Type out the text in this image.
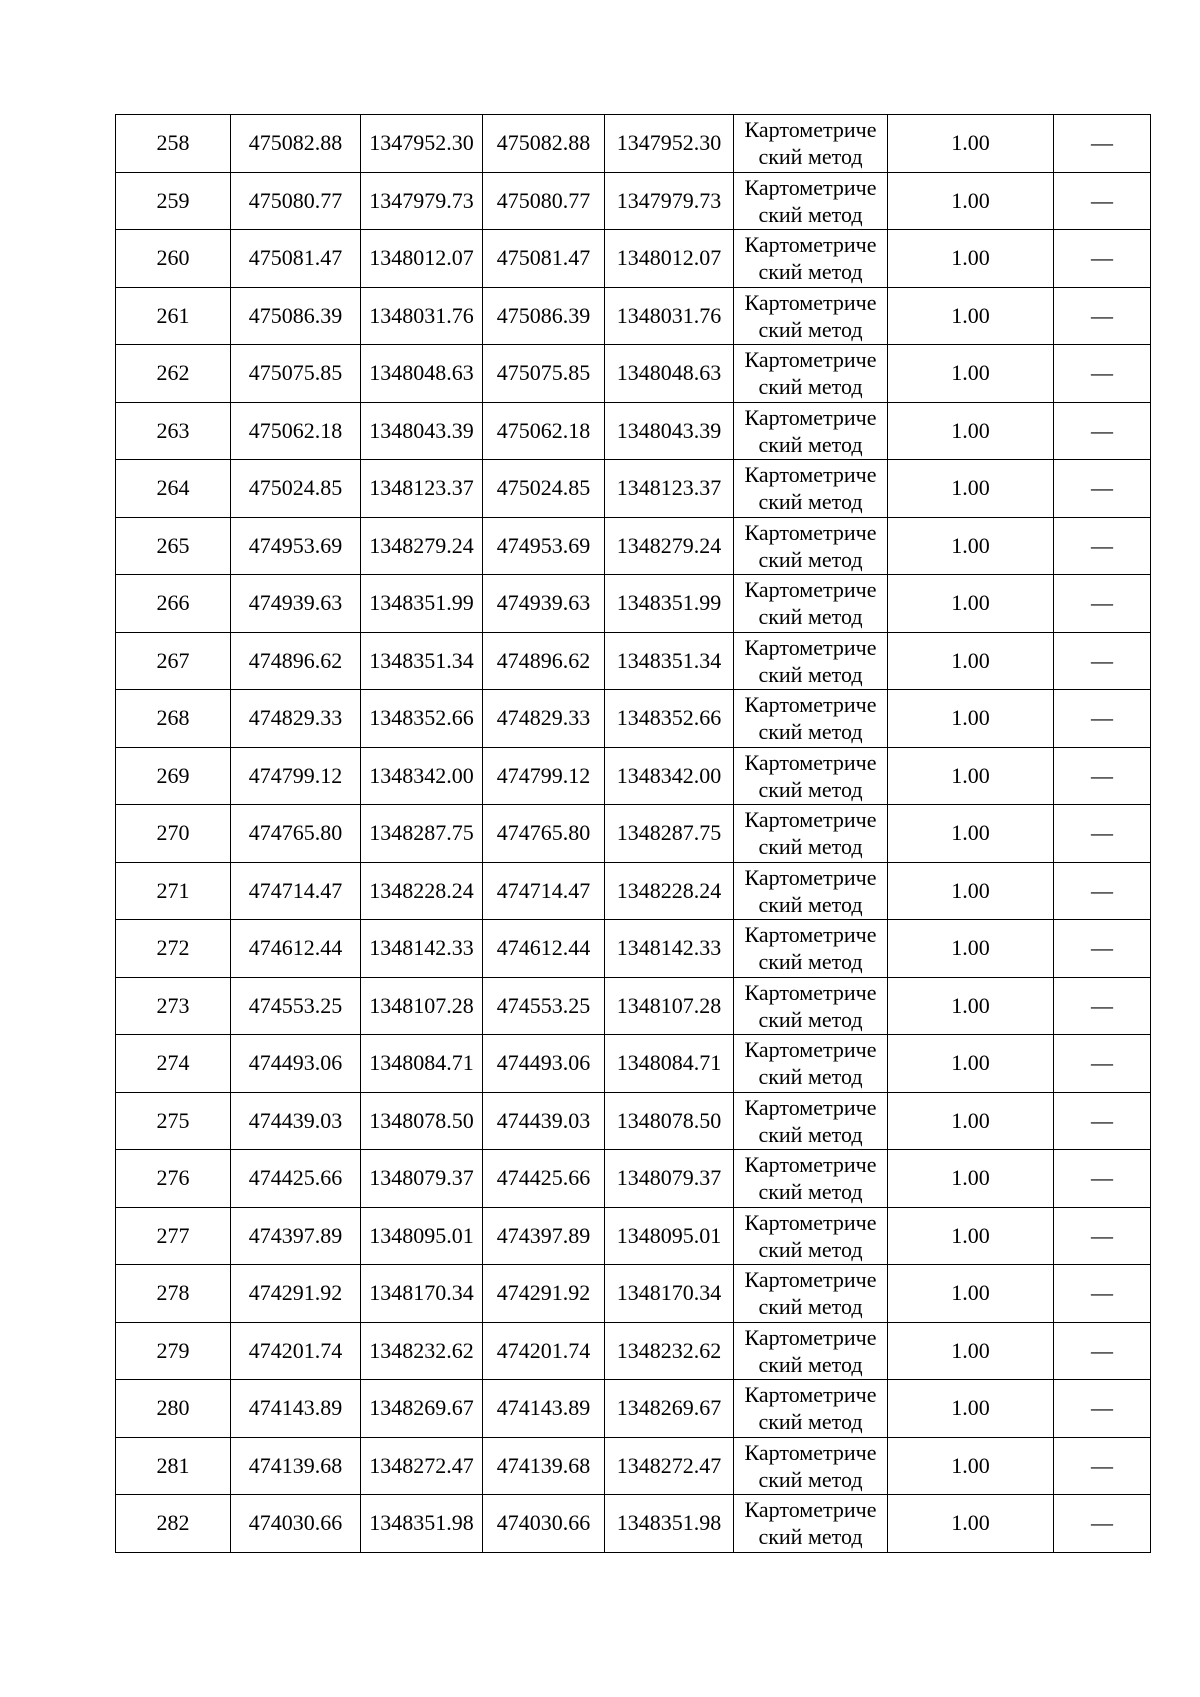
258	475082.88	1347952.30	475082.88	1347952.30	Картометриче
ский метод	1.00	—
259	475080.77	1347979.73	475080.77	1347979.73	Картометриче
ский метод	1.00	—
260	475081.47	1348012.07	475081.47	1348012.07	Картометриче
ский метод	1.00	—
261	475086.39	1348031.76	475086.39	1348031.76	Картометриче
ский метод	1.00	—
262	475075.85	1348048.63	475075.85	1348048.63	Картометриче
ский метод	1.00	—
263	475062.18	1348043.39	475062.18	1348043.39	Картометриче
ский метод	1.00	—
264	475024.85	1348123.37	475024.85	1348123.37	Картометриче
ский метод	1.00	—
265	474953.69	1348279.24	474953.69	1348279.24	Картометриче
ский метод	1.00	—
266	474939.63	1348351.99	474939.63	1348351.99	Картометриче
ский метод	1.00	—
267	474896.62	1348351.34	474896.62	1348351.34	Картометриче
ский метод	1.00	—
268	474829.33	1348352.66	474829.33	1348352.66	Картометриче
ский метод	1.00	—
269	474799.12	1348342.00	474799.12	1348342.00	Картометриче
ский метод	1.00	—
270	474765.80	1348287.75	474765.80	1348287.75	Картометриче
ский метод	1.00	—
271	474714.47	1348228.24	474714.47	1348228.24	Картометриче
ский метод	1.00	—
272	474612.44	1348142.33	474612.44	1348142.33	Картометриче
ский метод	1.00	—
273	474553.25	1348107.28	474553.25	1348107.28	Картометриче
ский метод	1.00	—
274	474493.06	1348084.71	474493.06	1348084.71	Картометриче
ский метод	1.00	—
275	474439.03	1348078.50	474439.03	1348078.50	Картометриче
ский метод	1.00	—
276	474425.66	1348079.37	474425.66	1348079.37	Картометриче
ский метод	1.00	—
277	474397.89	1348095.01	474397.89	1348095.01	Картометриче
ский метод	1.00	—
278	474291.92	1348170.34	474291.92	1348170.34	Картометриче
ский метод	1.00	—
279	474201.74	1348232.62	474201.74	1348232.62	Картометриче
ский метод	1.00	—
280	474143.89	1348269.67	474143.89	1348269.67	Картометриче
ский метод	1.00	—
281	474139.68	1348272.47	474139.68	1348272.47	Картометриче
ский метод	1.00	—
282	474030.66	1348351.98	474030.66	1348351.98	Картометриче
ский метод	1.00	—
